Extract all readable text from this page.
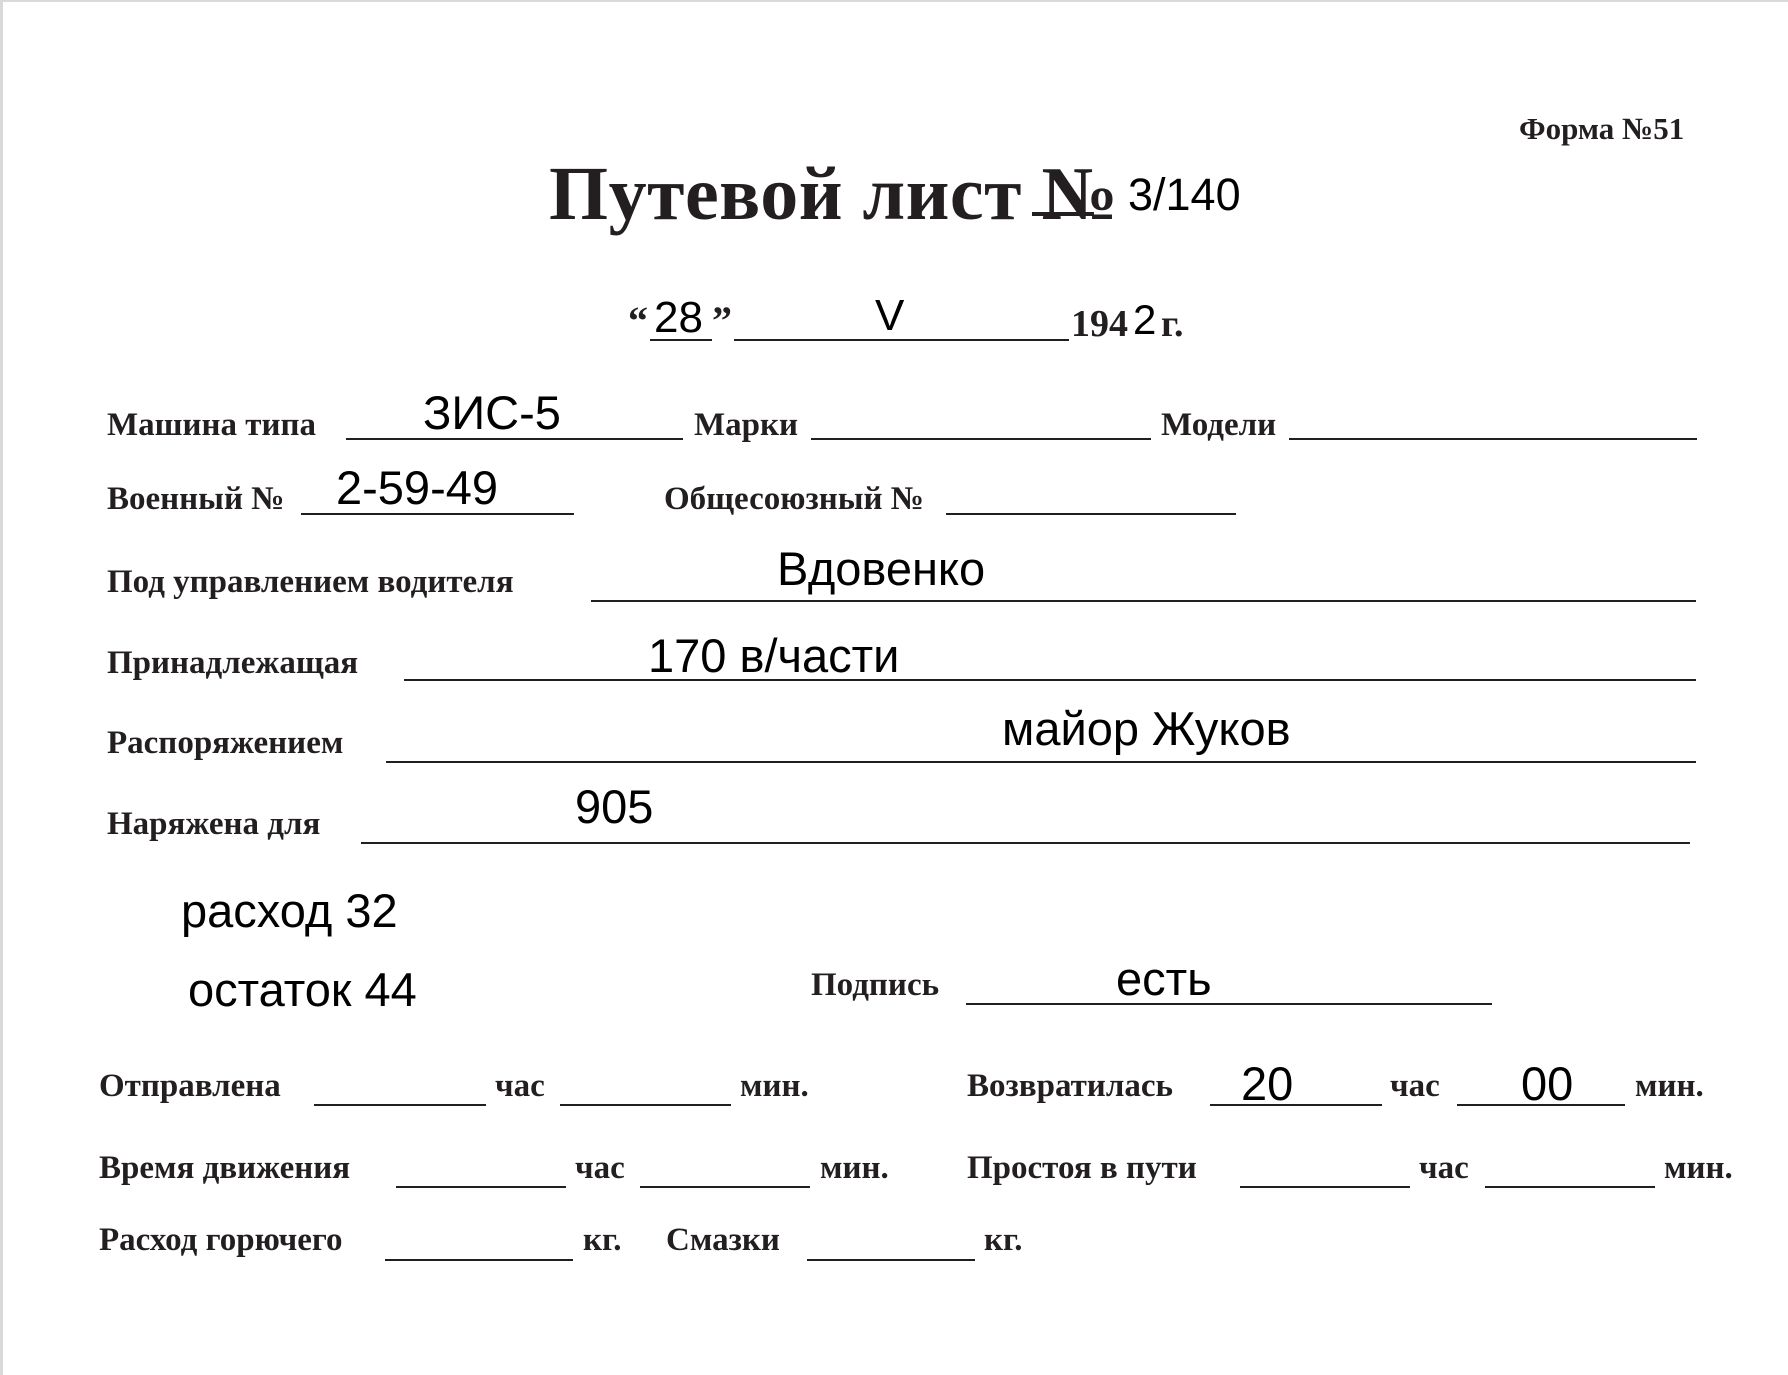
Форма №51
Путевой лист № 3/140
“ 28 ”	V	194 2 г.
Машина типа ЗИС-5	Марки	Модели
Военный № 2-59-49	Общесоюзный №
Под управлением водителя	Вдовенко
Принадлежащая	170 в/части
Распоряжением	майор Жуков
Наряжена для	905
расход 32
остаток 44	Подпись	есть
Отправлена	час	мин.	Возвратилась 20	час 00 мин.
Время движения	час	мин. Простоя в пути	час	мин.
Расход горючего	кг. Смазки	кг.
